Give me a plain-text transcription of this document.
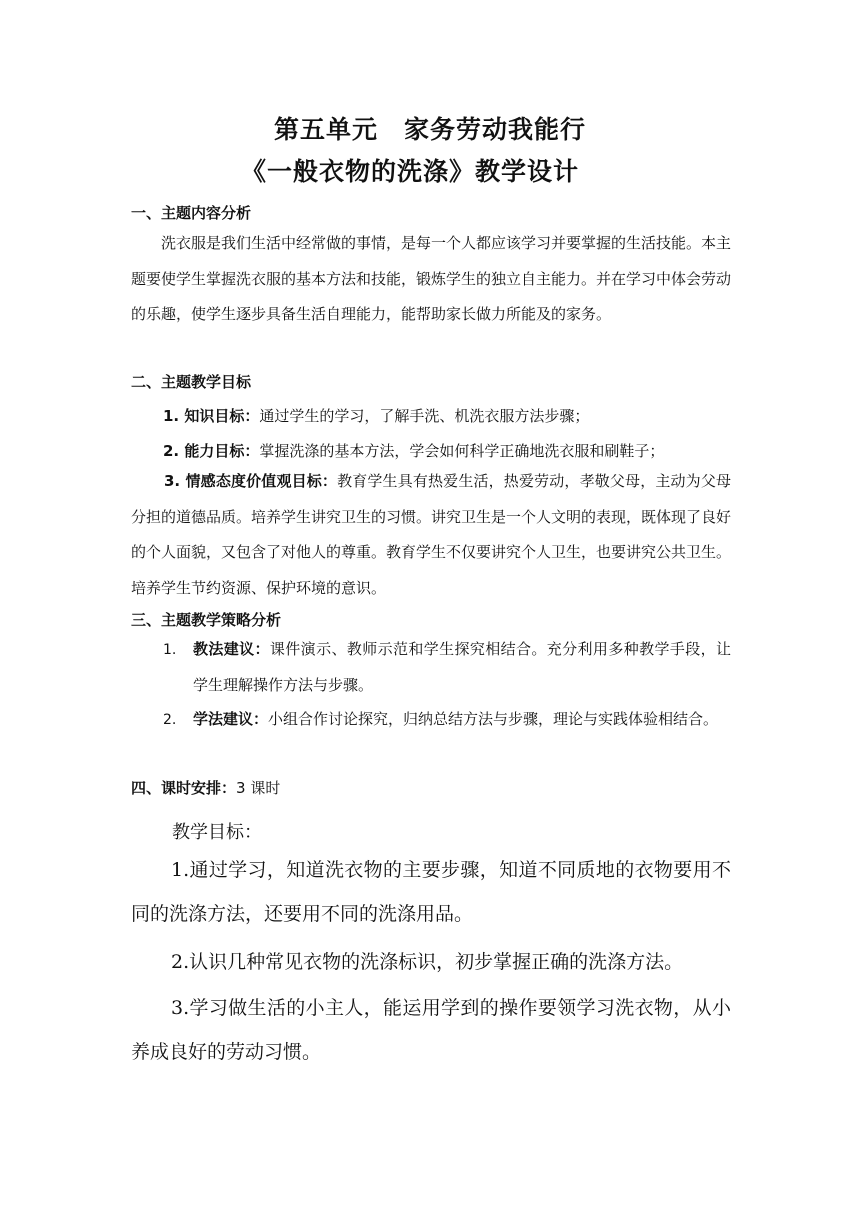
第五单元　家务劳动我能行
《一般衣物的洗涤》教学设计
一、主题内容分析
洗衣服是我们生活中经常做的事情，是每一个人都应该学习并要掌握的生活技能。本主题要使学生掌握洗衣服的基本方法和技能，锻炼学生的独立自主能力。并在学习中体会劳动的乐趣，使学生逐步具备生活自理能力，能帮助家长做力所能及的家务。
二、主题教学目标
1. 知识目标：通过学生的学习，了解手洗、机洗衣服方法步骤；
2. 能力目标：掌握洗涤的基本方法，学会如何科学正确地洗衣服和刷鞋子；
3. 情感态度价值观目标：教育学生具有热爱生活，热爱劳动，孝敬父母，主动为父母分担的道德品质。培养学生讲究卫生的习惯。讲究卫生是一个人文明的表现，既体现了良好的个人面貌，又包含了对他人的尊重。教育学生不仅要讲究个人卫生，也要讲究公共卫生。培养学生节约资源、保护环境的意识。
三、主题教学策略分析
1. 教法建议：课件演示、教师示范和学生探究相结合。充分利用多种教学手段，让学生理解操作方法与步骤。
2. 学法建议：小组合作讨论探究，归纳总结方法与步骤，理论与实践体验相结合。
四、课时安排：3 课时
教学目标：
1.通过学习，知道洗衣物的主要步骤，知道不同质地的衣物要用不同的洗涤方法，还要用不同的洗涤用品。
2.认识几种常见衣物的洗涤标识，初步掌握正确的洗涤方法。
3.学习做生活的小主人，能运用学到的操作要领学习洗衣物，从小养成良好的劳动习惯。
